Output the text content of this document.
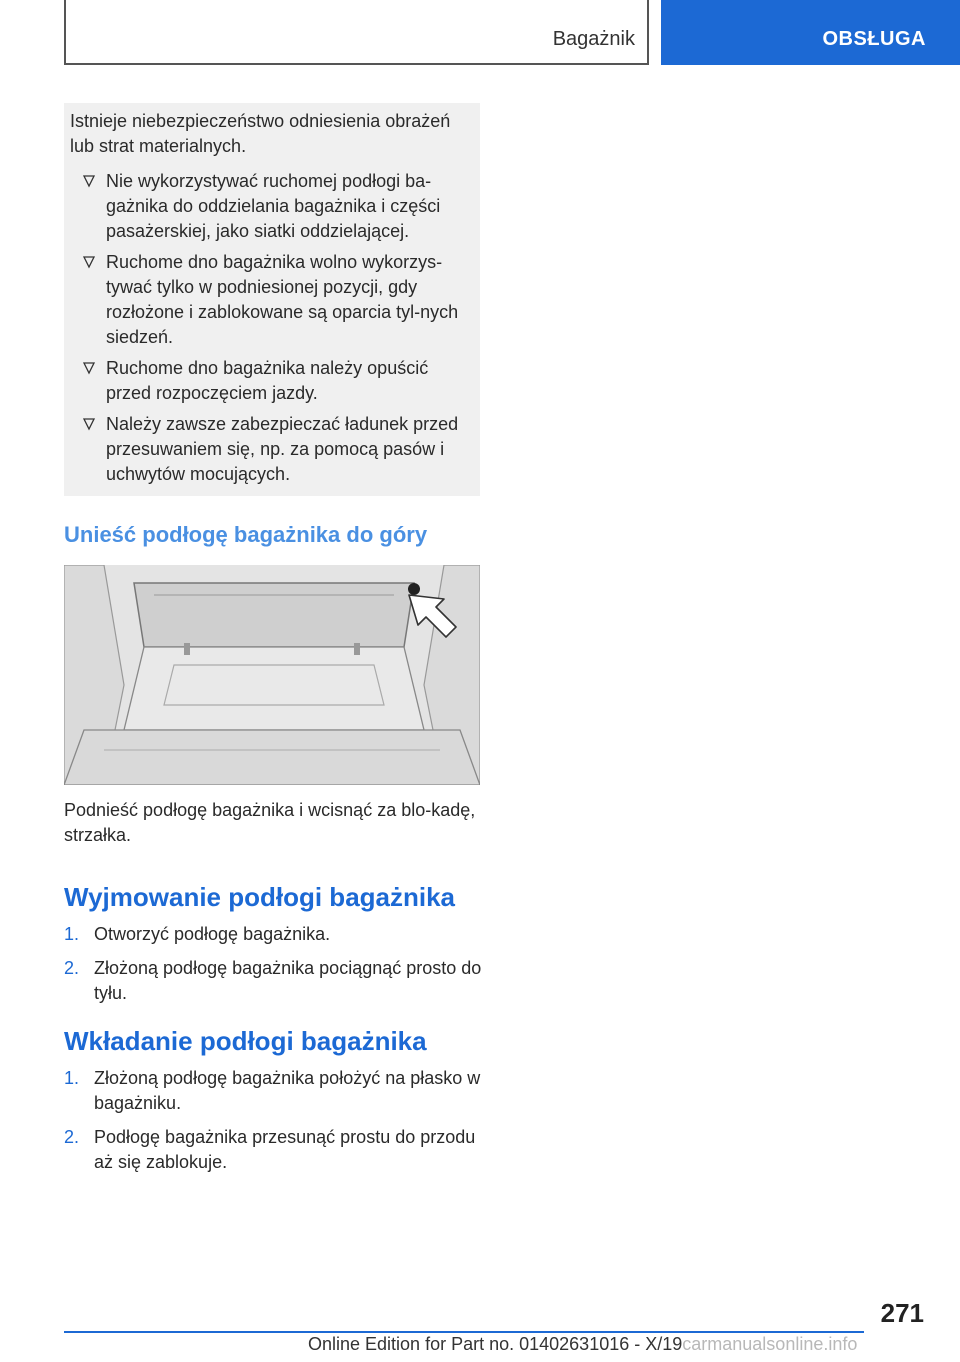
Bagażnik	OBSŁUGA

Istnieje niebezpieczeństwo odniesienia obrażeń lub strat materialnych.

Nie wykorzystywać ruchomej podłogi ba-gażnika do oddzielania bagażnika i części pasażerskiej, jako siatki oddzielającej.
Ruchome dno bagażnika wolno wykorzys-tywać tylko w podniesionej pozycji, gdy rozłożone i zablokowane są oparcia tyl-nych siedzeń.
Ruchome dno bagażnika należy opuścić przed rozpoczęciem jazdy.
Należy zawsze zabezpieczać ładunek przed przesuwaniem się, np. za pomocą pasów i uchwytów mocujących.
Unieść podłogę bagażnika do góry

Podnieść podłogę bagażnika i wcisnąć za blo-kadę, strzałka.

Wyjmowanie podłogi bagażnika
1. Otworzyć podłogę bagażnika.
2. Złożoną podłogę bagażnika pociągnąć prosto do tyłu.
Wkładanie podłogi bagażnika
1. Złożoną podłogę bagażnika położyć na płasko w bagażniku.
2. Podłogę bagażnika przesunąć prostu do przodu aż się zablokuje.
271
Online Edition for Part no. 01402631016 - X/19carmanualsonline.info
